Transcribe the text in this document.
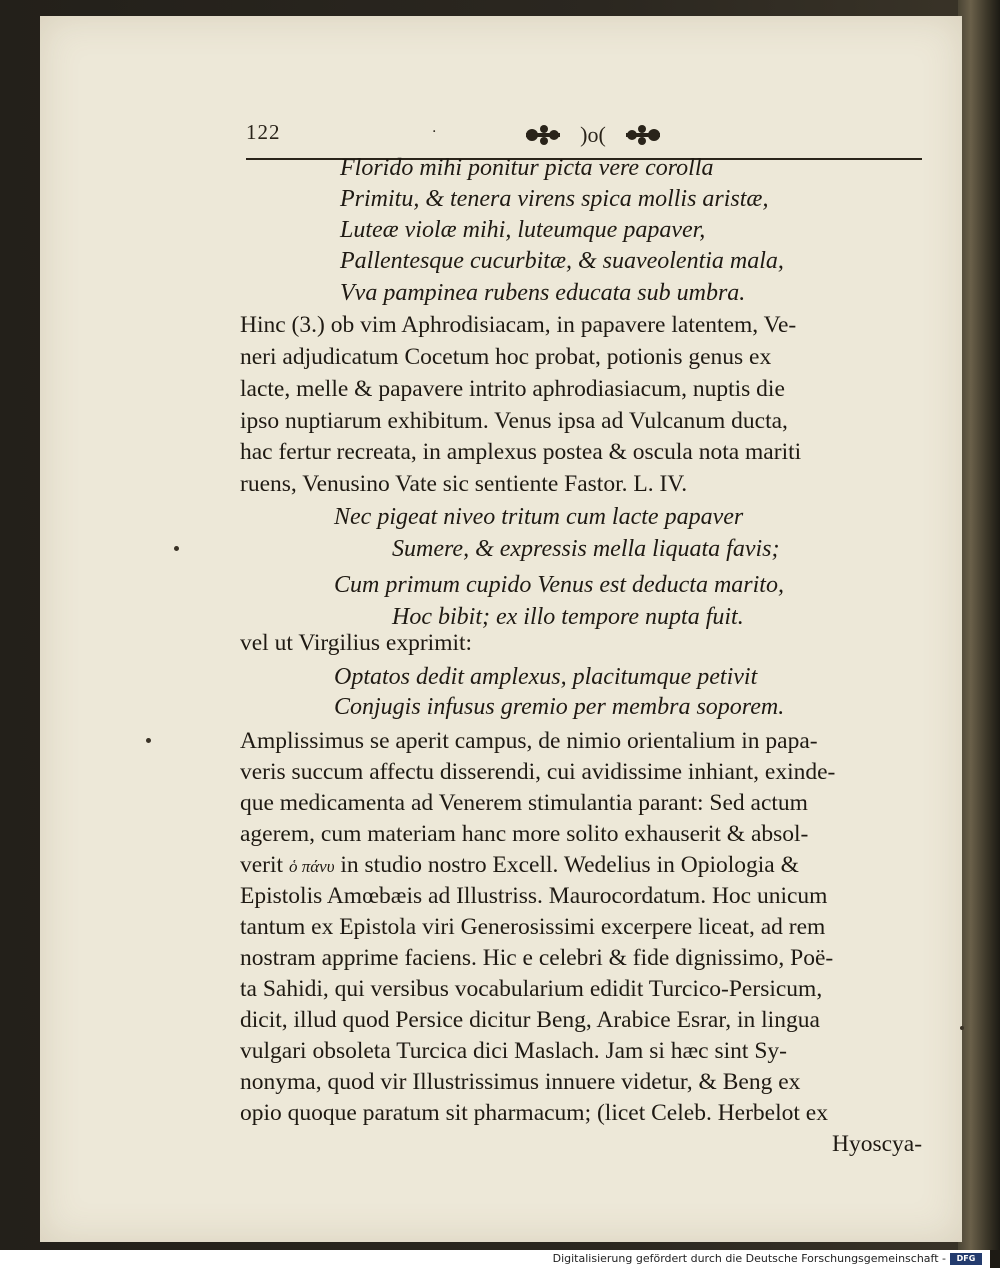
122	·	)o(
Florido mihi ponitur picta vere corolla
Primitu, & tenera virens spica mollis aristæ,
Luteæ violæ mihi, luteumque papaver,
Pallentesque cucurbitæ, & suaveolentia mala,
Vva pampinea rubens educata sub umbra.
Hinc (3.) ob vim Aphrodisiacam, in papavere latentem, Ve-
neri adjudicatum Cocetum hoc probat, potionis genus ex
lacte, melle & papavere intrito aphrodiasiacum, nuptis die
ipso nuptiarum exhibitum. Venus ipsa ad Vulcanum ducta,
hac fertur recreata, in amplexus postea & oscula nota mariti
ruens, Venusino Vate sic sentiente Fastor. L. IV.
Nec pigeat niveo tritum cum lacte papaver
Sumere, & expressis mella liquata favis;
Cum primum cupido Venus est deducta marito,
Hoc bibit; ex illo tempore nupta fuit.
vel ut Virgilius exprimit:
Optatos dedit amplexus, placitumque petivit
Conjugis infusus gremio per membra soporem.
Amplissimus se aperit campus, de nimio orientalium in papa-
veris succum affectu disserendi, cui avidissime inhiant, exinde-
que medicamenta ad Venerem stimulantia parant: Sed actum
agerem, cum materiam hanc more solito exhauserit & absol-
verit ὁ πάνυ in studio nostro Excell. Wedelius in Opiologia &
Epistolis Amœbæis ad Illustriss. Maurocordatum. Hoc unicum
tantum ex Epistola viri Generosissimi excerpere liceat, ad rem
nostram apprime faciens. Hic e celebri & fide dignissimo, Poë-
ta Sahidi, qui versibus vocabularium edidit Turcico-Persicum,
dicit, illud quod Persice dicitur Beng, Arabice Esrar, in lingua
vulgari obsoleta Turcica dici Maslach. Jam si hæc sint Sy-
nonyma, quod vir Illustrissimus innuere videtur, & Beng ex
opio quoque paratum sit pharmacum; (licet Celeb. Herbelot ex
Hyoscya-
Digitalisierung gefördert durch die Deutsche Forschungsgemeinschaft -	DFG
